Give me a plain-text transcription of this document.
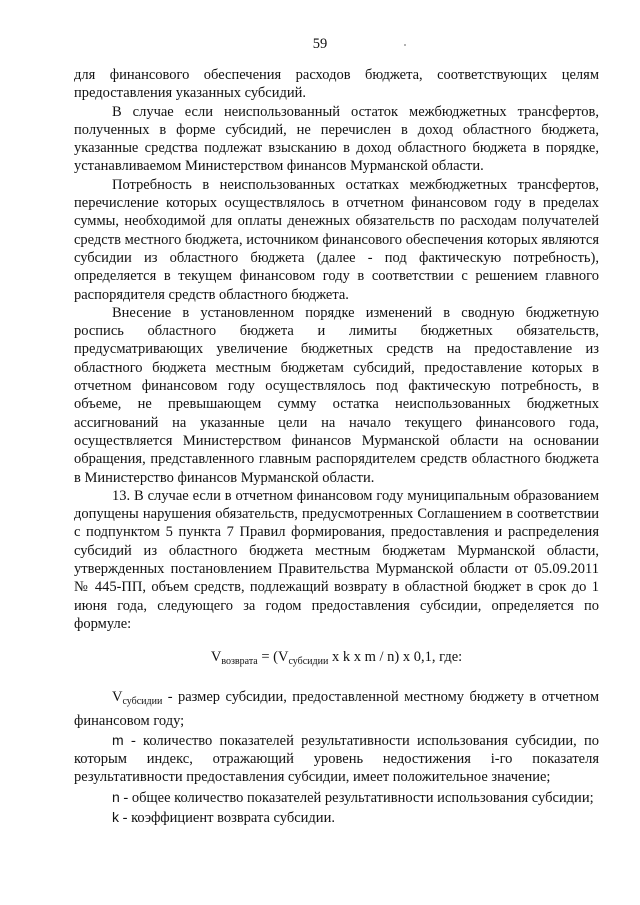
59

для финансового обеспечения расходов бюджета, соответствующих целям предоставления указанных субсидий.

В случае если неиспользованный остаток межбюджетных трансфертов, полученных в форме субсидий, не перечислен в доход областного бюджета, указанные средства подлежат взысканию в доход областного бюджета в порядке, устанавливаемом Министерством финансов Мурманской области.

Потребность в неиспользованных остатках межбюджетных трансфертов, перечисление которых осуществлялось в отчетном финансовом году в пределах суммы, необходимой для оплаты денежных обязательств по расходам получателей средств местного бюджета, источником финансового обеспечения которых являются субсидии из областного бюджета (далее - под фактическую потребность), определяется в текущем финансовом году в соответствии с решением главного распорядителя средств областного бюджета.

Внесение в установленном порядке изменений в сводную бюджетную роспись областного бюджета и лимиты бюджетных обязательств, предусматривающих увеличение бюджетных средств на предоставление из областного бюджета местным бюджетам субсидий, предоставление которых в отчетном финансовом году осуществлялось под фактическую потребность, в объеме, не превышающем сумму остатка неиспользованных бюджетных ассигнований на указанные цели на начало текущего финансового года, осуществляется Министерством финансов Мурманской области на основании обращения, представленного главным распорядителем средств областного бюджета в Министерство финансов Мурманской области.

13. В случае если в отчетном финансовом году муниципальным образованием допущены нарушения обязательств, предусмотренных Соглашением в соответствии с подпунктом 5 пункта 7 Правил формирования, предоставления и распределения субсидий из областного бюджета местным бюджетам Мурманской области, утвержденных постановлением Правительства Мурманской области от 05.09.2011 № 445-ПП, объем средств, подлежащий возврату в областной бюджет в срок до 1 июня года, следующего за годом предоставления субсидии, определяется по формуле:

$V_{возврата} = (V_{субсидии}$ x k x m / n) x 0,1, где:

$V_{субсидии}$ - размер субсидии, предоставленной местному бюджету в отчетном финансовом году;

m - количество показателей результативности использования субсидии, по которым индекс, отражающий уровень недостижения i-го показателя результативности предоставления субсидии, имеет положительное значение;

n - общее количество показателей результативности использования субсидии;

k - коэффициент возврата субсидии.
